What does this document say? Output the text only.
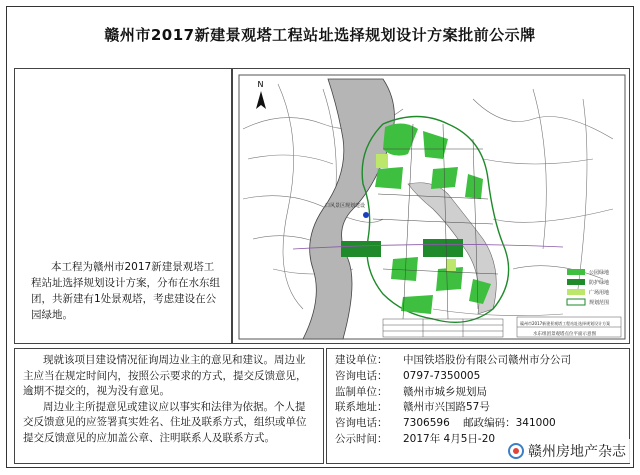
赣州市2017新建景观塔工程站址选择规划设计方案批前公示牌
本工程为赣州市2017新建景观塔工程站址选择规划设计方案，分布在水东组团，共新建有1处景观塔，考虑建设在公园绿地。
N
口风景区规划建设
公园绿地
防护绿地
广场用地
规划范围
赣州市2017新建景观塔工程站址选择规划设计方案
水东组团景观塔点位平面示意图

现就该项目建设情况征询周边业主的意见和建议。周边业主应当在规定时间内，按照公示要求的方式，提交反馈意见，逾期不提交的，视为没有意见。

周边业主所提意见或建议应以事实和法律为依据。个人提交反馈意见的应签署真实姓名、住址及联系方式，组织或单位提交反馈意见的应加盖公章、注明联系人及联系方式。

建设单位：	中国铁塔股份有限公司赣州市分公司
咨询电话：	0797-7350005
监制单位：	赣州市城乡规划局
联系地址：	赣州市兴国路57号
咨询电话：	7306596    邮政编码：341000
公示时间：	2017年 4月5日-20
赣州房地产杂志
